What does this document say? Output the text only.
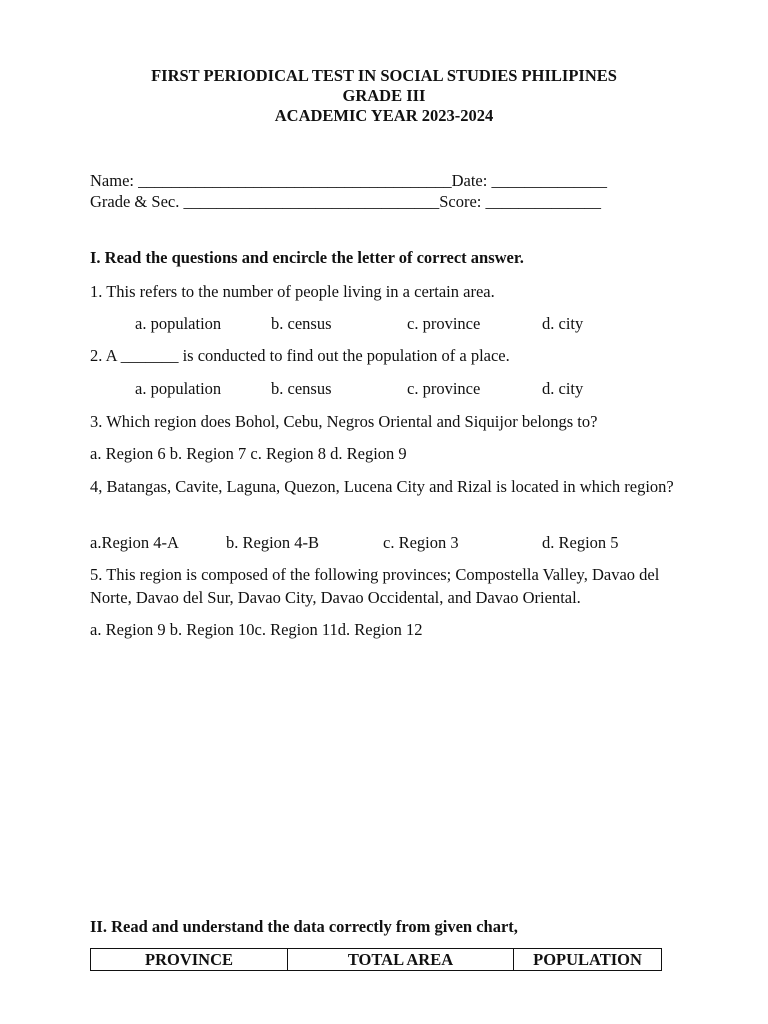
FIRST PERIODICAL TEST IN SOCIAL STUDIES PHILIPINES
GRADE III
ACADEMIC YEAR 2023-2024
Name: ______________________________________Date: ______________
Grade & Sec. _______________________________Score: ______________
I. Read the questions and encircle the letter of correct answer.
1. This refers to the number of people living in a certain area.
a. population	b. census	c. province	d. city
2. A _______ is conducted to find out the population of a place.
a. population	b. census	c. province	d. city
3. Which region does Bohol, Cebu, Negros Oriental and Siquijor belongs to?
a. Region 6 b. Region 7 c. Region 8 d. Region 9
4, Batangas, Cavite, Laguna, Quezon, Lucena City and Rizal is located in which region?
a.Region 4-A	b. Region 4-B	c. Region 3	d. Region 5
5. This region is composed of the following provinces; Compostella Valley, Davao del Norte, Davao del Sur, Davao City, Davao Occidental, and Davao Oriental.
a. Region 9 b. Region 10c. Region 11d. Region 12
II. Read and understand the data correctly from given chart,
PROVINCE	TOTAL AREA	POPULATION
